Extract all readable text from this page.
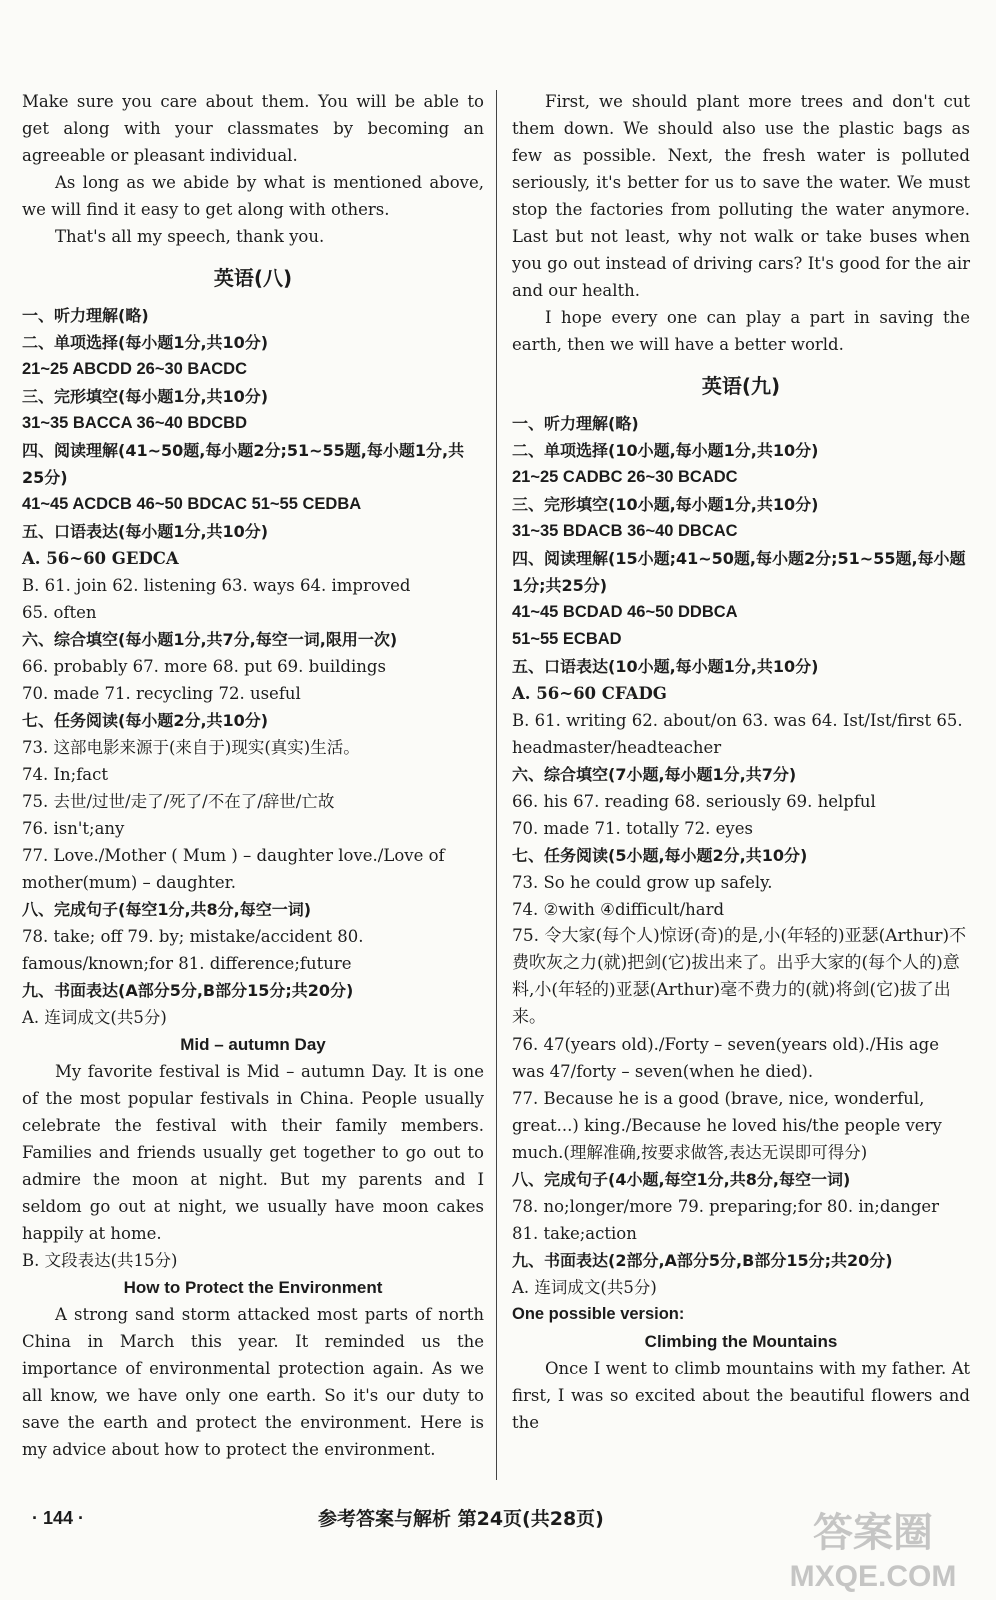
Make sure you care about them. You will be able to get along with your classmates by becoming an agreeable or pleasant individual.

As long as we abide by what is mentioned above, we will find it easy to get along with others.

That's all my speech, thank you.

英语(八)
一、听力理解(略)
二、单项选择(每小题1分,共10分)
21~25 ABCDD 26~30 BACDC
三、完形填空(每小题1分,共10分)
31~35 BACCA 36~40 BDCBD
四、阅读理解(41~50题,每小题2分;51~55题,每小题1分,共25分)
41~45 ACDCB 46~50 BDCAC 51~55 CEDBA
五、口语表达(每小题1分,共10分)
A. 56~60 GEDCA
B. 61. join 62. listening 63. ways 64. improved
65. often
六、综合填空(每小题1分,共7分,每空一词,限用一次)
66. probably 67. more 68. put 69. buildings
70. made 71. recycling 72. useful
七、任务阅读(每小题2分,共10分)
73. 这部电影来源于(来自于)现实(真实)生活。
74. In;fact
75. 去世/过世/走了/死了/不在了/辞世/亡故
76. isn't;any
77. Love./Mother ( Mum ) – daughter love./Love of mother(mum) – daughter.
八、完成句子(每空1分,共8分,每空一词)
78. take; off 79. by; mistake/accident 80. famous/known;for 81. difference;future
九、书面表达(A部分5分,B部分15分;共20分)
A. 连词成文(共5分)
Mid – autumn Day

My favorite festival is Mid – autumn Day. It is one of the most popular festivals in China. People usually celebrate the festival with their family members. Families and friends usually get together to go out to admire the moon at night. But my parents and I seldom go out at night, we usually have moon cakes happily at home.

B. 文段表达(共15分)
How to Protect the Environment

A strong sand storm attacked most parts of north China in March this year. It reminded us the importance of environmental protection again. As we all know, we have only one earth. So it's our duty to save the earth and protect the environment. Here is my advice about how to protect the environment.

First, we should plant more trees and don't cut them down. We should also use the plastic bags as few as possible. Next, the fresh water is polluted seriously, it's better for us to save the water. We must stop the factories from polluting the water anymore. Last but not least, why not walk or take buses when you go out instead of driving cars? It's good for the air and our health.

I hope every one can play a part in saving the earth, then we will have a better world.

英语(九)
一、听力理解(略)
二、单项选择(10小题,每小题1分,共10分)
21~25 CADBC 26~30 BCADC
三、完形填空(10小题,每小题1分,共10分)
31~35 BDACB 36~40 DBCAC
四、阅读理解(15小题;41~50题,每小题2分;51~55题,每小题1分;共25分)
41~45 BCDAD 46~50 DDBCA
51~55 ECBAD
五、口语表达(10小题,每小题1分,共10分)
A. 56~60 CFADG
B. 61. writing 62. about/on 63. was 64. Ist/Ist/first 65. headmaster/headteacher
六、综合填空(7小题,每小题1分,共7分)
66. his 67. reading 68. seriously 69. helpful
70. made 71. totally 72. eyes
七、任务阅读(5小题,每小题2分,共10分)
73. So he could grow up safely.
74. ②with ④difficult/hard
75. 令大家(每个人)惊讶(奇)的是,小(年轻的)亚瑟(Arthur)不费吹灰之力(就)把剑(它)拔出来了。出乎大家的(每个人的)意料,小(年轻的)亚瑟(Arthur)毫不费力的(就)将剑(它)拔了出来。
76. 47(years old)./Forty – seven(years old)./His age was 47/forty – seven(when he died).
77. Because he is a good (brave, nice, wonderful, great...) king./Because he loved his/the people very much.(理解准确,按要求做答,表达无误即可得分)
八、完成句子(4小题,每空1分,共8分,每空一词)
78. no;longer/more 79. preparing;for 80. in;danger
81. take;action
九、书面表达(2部分,A部分5分,B部分15分;共20分)
A. 连词成文(共5分)
One possible version:
Climbing the Mountains

Once I went to climb mountains with my father. At first, I was so excited about the beautiful flowers and the

· 144 ·	参考答案与解析 第24页(共28页)	答案圈
MXQE.COM
